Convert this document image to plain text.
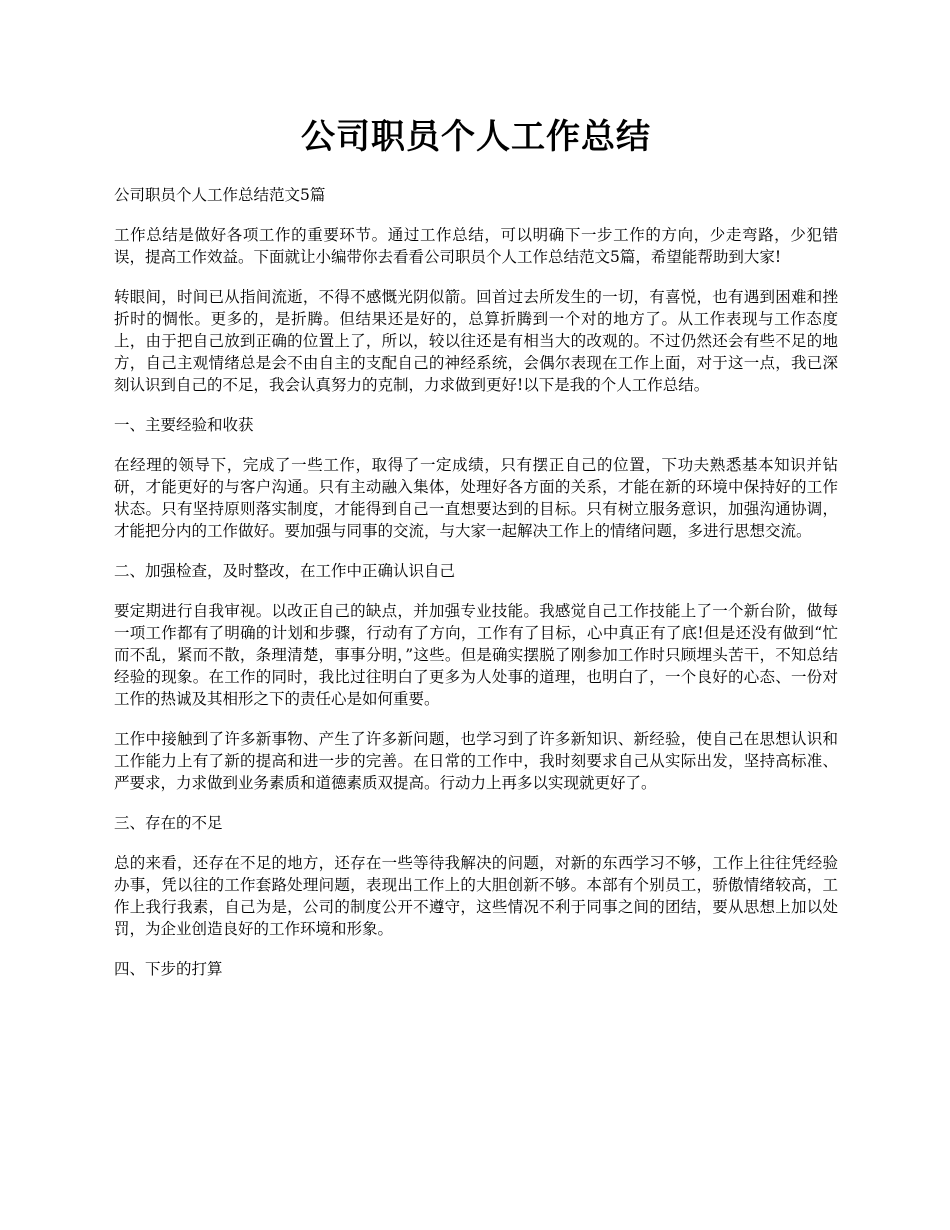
公司职员个人工作总结

公司职员个人工作总结范文5篇

工作总结是做好各项工作的重要环节。通过工作总结，可以明确下一步工作的方向，少走弯路，少犯错误，提高工作效益。下面就让小编带你去看看公司职员个人工作总结范文5篇，希望能帮助到大家!

转眼间，时间已从指间流逝，不得不感慨光阴似箭。回首过去所发生的一切，有喜悦，也有遇到困难和挫折时的惆怅。更多的，是折腾。但结果还是好的，总算折腾到一个对的地方了。从工作表现与工作态度上，由于把自己放到正确的位置上了，所以，较以往还是有相当大的改观的。不过仍然还会有些不足的地方，自己主观情绪总是会不由自主的支配自己的神经系统，会偶尔表现在工作上面，对于这一点，我已深刻认识到自己的不足，我会认真努力的克制，力求做到更好!以下是我的个人工作总结。

一、主要经验和收获

在经理的领导下，完成了一些工作，取得了一定成绩，只有摆正自己的位置，下功夫熟悉基本知识并钻研，才能更好的与客户沟通。只有主动融入集体，处理好各方面的关系，才能在新的环境中保持好的工作状态。只有坚持原则落实制度，才能得到自己一直想要达到的目标。只有树立服务意识，加强沟通协调，才能把分内的工作做好。要加强与同事的交流，与大家一起解决工作上的情绪问题，多进行思想交流。

二、加强检查，及时整改，在工作中正确认识自己

要定期进行自我审视。以改正自己的缺点，并加强专业技能。我感觉自己工作技能上了一个新台阶，做每一项工作都有了明确的计划和步骤，行动有了方向，工作有了目标，心中真正有了底!但是还没有做到“忙而不乱，紧而不散，条理清楚，事事分明，”这些。但是确实摆脱了刚参加工作时只顾埋头苦干，不知总结经验的现象。在工作的同时，我比过往明白了更多为人处事的道理，也明白了，一个良好的心态、一份对工作的热诚及其相形之下的责任心是如何重要。

工作中接触到了许多新事物、产生了许多新问题，也学习到了许多新知识、新经验，使自己在思想认识和工作能力上有了新的提高和进一步的完善。在日常的工作中，我时刻要求自己从实际出发，坚持高标准、严要求，力求做到业务素质和道德素质双提高。行动力上再多以实现就更好了。

三、存在的不足

总的来看，还存在不足的地方，还存在一些等待我解决的问题，对新的东西学习不够，工作上往往凭经验办事，凭以往的工作套路处理问题，表现出工作上的大胆创新不够。本部有个别员工，骄傲情绪较高，工作上我行我素，自己为是，公司的制度公开不遵守，这些情况不利于同事之间的团结，要从思想上加以处罚，为企业创造良好的工作环境和形象。

四、下步的打算
